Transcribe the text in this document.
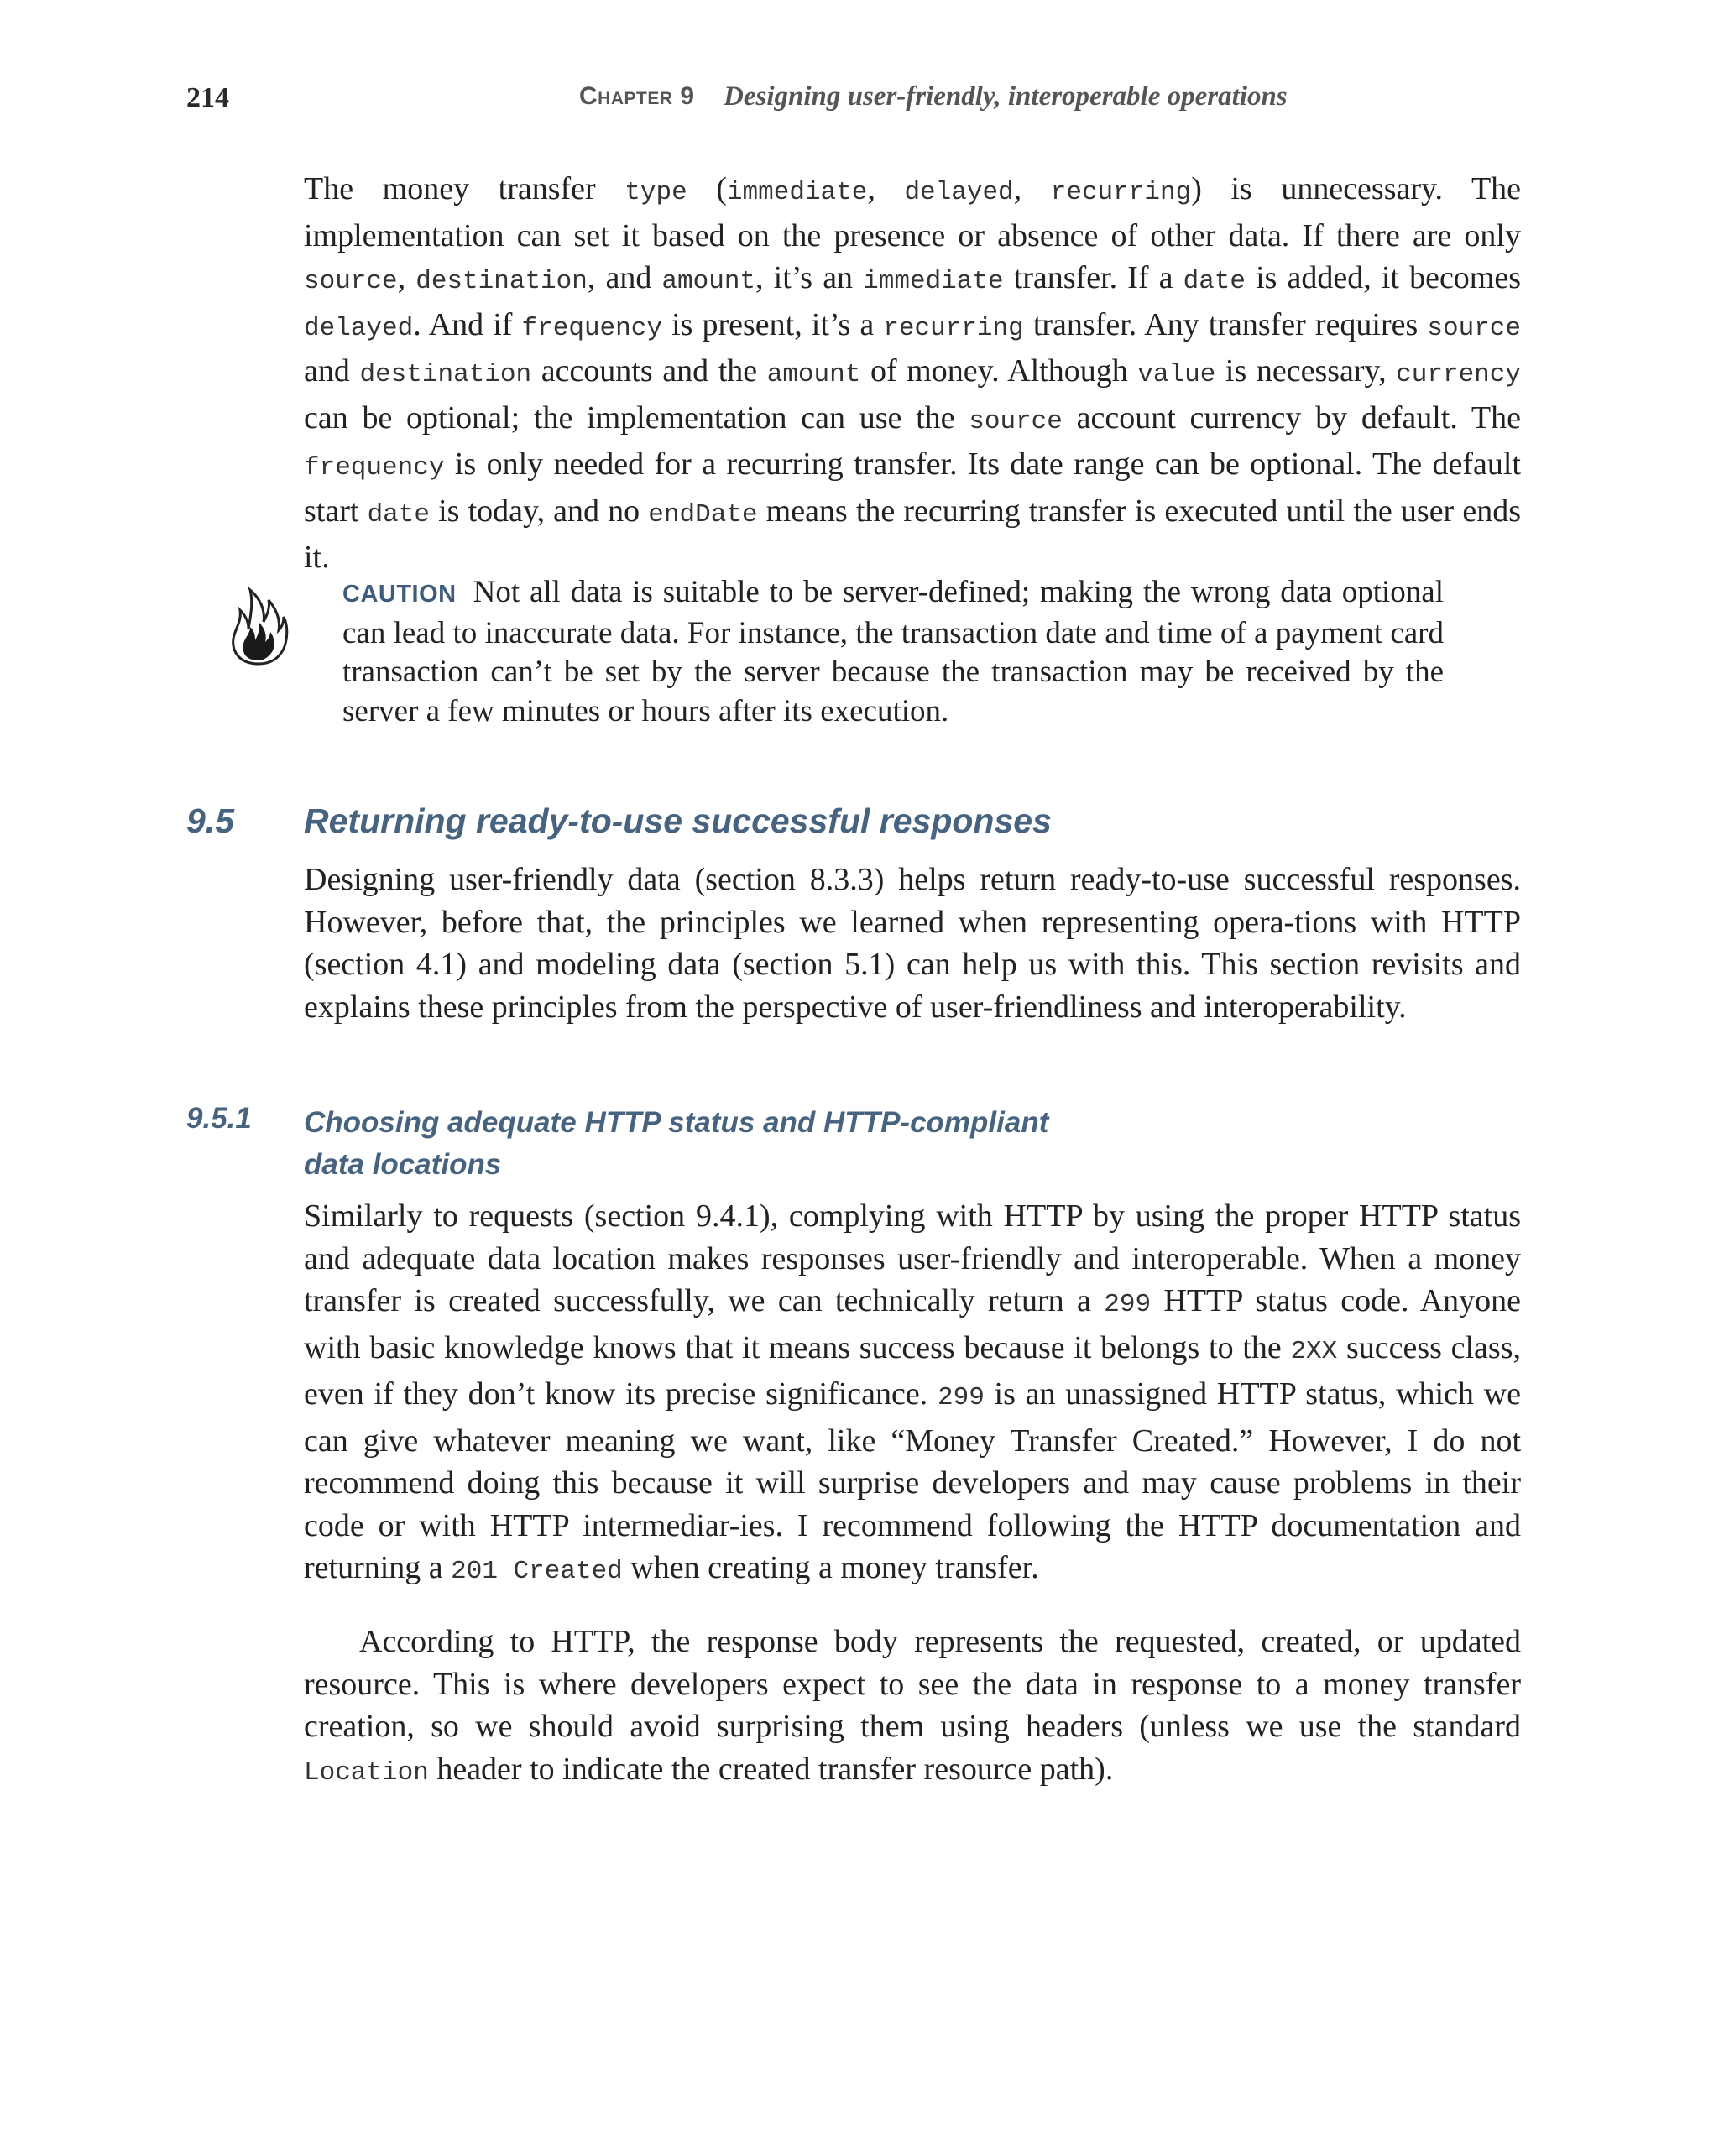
214	Chapter 9 Designing user-friendly, interoperable operations

The money transfer type (immediate, delayed, recurring) is unnecessary. The implementation can set it based on the presence or absence of other data. If there are only source, destination, and amount, it’s an immediate transfer. If a date is added, it becomes delayed. And if frequency is present, it’s a recurring transfer. Any transfer requires source and destination accounts and the amount of money. Although value is necessary, currency can be optional; the implementation can use the source account currency by default. The frequency is only needed for a recurring transfer. Its date range can be optional. The default start date is today, and no endDate means the recurring transfer is executed until the user ends it.

CAUTION Not all data is suitable to be server-defined; making the wrong data optional can lead to inaccurate data. For instance, the transaction date and time of a payment card transaction can’t be set by the server because the transaction may be received by the server a few minutes or hours after its execution.

9.5 Returning ready-to-use successful responses

Designing user-friendly data (section 8.3.3) helps return ready-to-use successful responses. However, before that, the principles we learned when representing opera-tions with HTTP (section 4.1) and modeling data (section 5.1) can help us with this. This section revisits and explains these principles from the perspective of user-friendliness and interoperability.

9.5.1 Choosing adequate HTTP status and HTTP-compliant
data locations

Similarly to requests (section 9.4.1), complying with HTTP by using the proper HTTP status and adequate data location makes responses user-friendly and interoperable. When a money transfer is created successfully, we can technically return a 299 HTTP status code. Anyone with basic knowledge knows that it means success because it belongs to the 2XX success class, even if they don’t know its precise significance. 299 is an unassigned HTTP status, which we can give whatever meaning we want, like “Money Transfer Created.” However, I do not recommend doing this because it will surprise developers and may cause problems in their code or with HTTP intermediar-ies. I recommend following the HTTP documentation and returning a 201 Created when creating a money transfer.

According to HTTP, the response body represents the requested, created, or updated resource. This is where developers expect to see the data in response to a money transfer creation, so we should avoid surprising them using headers (unless we use the standard Location header to indicate the created transfer resource path).
